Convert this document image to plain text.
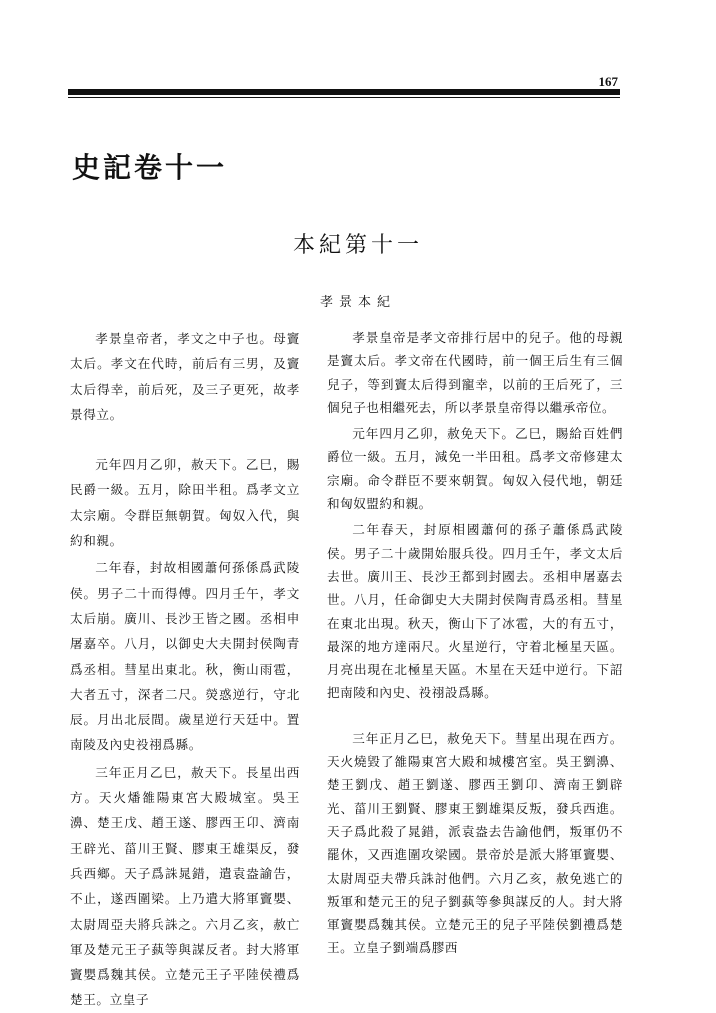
167
史記卷十一
本紀第十一
孝景本紀

孝景皇帝者，孝文之中子也。母竇太后。孝文在代時，前后有三男，及竇太后得幸，前后死，及三子更死，故孝景得立。

元年四月乙卯，赦天下。乙巳，賜民爵一級。五月，除田半租。爲孝文立太宗廟。令群臣無朝賀。匈奴入代，與約和親。

二年春，封故相國蕭何孫係爲武陵侯。男子二十而得傅。四月壬午，孝文太后崩。廣川、長沙王皆之國。丞相申屠嘉卒。八月，以御史大夫開封侯陶青爲丞相。彗星出東北。秋，衡山雨雹，大者五寸，深者二尺。熒惑逆行，守北辰。月出北辰間。歲星逆行天廷中。置南陵及內史祋祤爲縣。

三年正月乙巳，赦天下。長星出西方。天火燔雒陽東宮大殿城室。吳王濞、楚王戊、趙王遂、膠西王卬、濟南王辟光、菑川王賢、膠東王雄渠反，發兵西鄉。天子爲誅晁錯，遣袁盎諭告，不止，遂西圍梁。上乃遣大將軍竇嬰、太尉周亞夫將兵誅之。六月乙亥，赦亡軍及楚元王子蓺等與謀反者。封大將軍竇嬰爲魏其侯。立楚元王子平陸侯禮爲楚王。立皇子

孝景皇帝是孝文帝排行居中的兒子。他的母親是竇太后。孝文帝在代國時，前一個王后生有三個兒子，等到竇太后得到寵幸，以前的王后死了，三個兒子也相繼死去，所以孝景皇帝得以繼承帝位。

元年四月乙卯，赦免天下。乙巳，賜給百姓們爵位一級。五月，減免一半田租。爲孝文帝修建太宗廟。命令群臣不要來朝賀。匈奴入侵代地，朝廷和匈奴盟約和親。

二年春天，封原相國蕭何的孫子蕭係爲武陵侯。男子二十歲開始服兵役。四月壬午，孝文太后去世。廣川王、長沙王都到封國去。丞相申屠嘉去世。八月，任命御史大夫開封侯陶青爲丞相。彗星在東北出現。秋天，衡山下了冰雹，大的有五寸，最深的地方達兩尺。火星逆行，守着北極星天區。月亮出現在北極星天區。木星在天廷中逆行。下詔把南陵和內史、祋祤設爲縣。

三年正月乙巳，赦免天下。彗星出現在西方。天火燒毀了雒陽東宮大殿和城樓宮室。吳王劉濞、楚王劉戊、趙王劉遂、膠西王劉卬、濟南王劉辟光、菑川王劉賢、膠東王劉雄渠反叛，發兵西進。天子爲此殺了晁錯，派袁盎去告諭他們，叛軍仍不罷休，又西進圍攻梁國。景帝於是派大將軍竇嬰、太尉周亞夫帶兵誅討他們。六月乙亥，赦免逃亡的叛軍和楚元王的兒子劉蓺等參與謀反的人。封大將軍竇嬰爲魏其侯。立楚元王的兒子平陸侯劉禮爲楚王。立皇子劉端爲膠西
